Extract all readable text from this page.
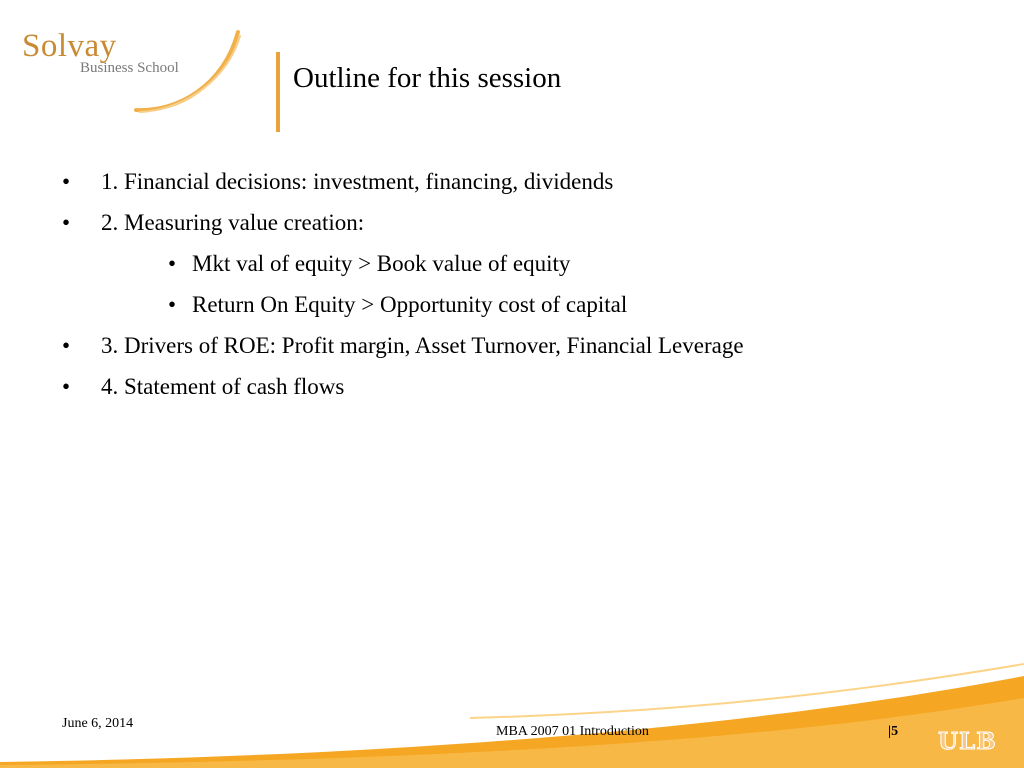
Solvay
Business School	Outline for this session
• 1. Financial decisions: investment, financing, dividends
• 2. Measuring value creation:
• Mkt val of equity > Book value of equity
• Return On Equity > Opportunity cost of capital
• 3. Drivers of ROE: Profit margin, Asset Turnover, Financial Leverage
• 4. Statement of cash flows
June 6, 2014
MBA 2007 01 Introduction	|5 ULB
